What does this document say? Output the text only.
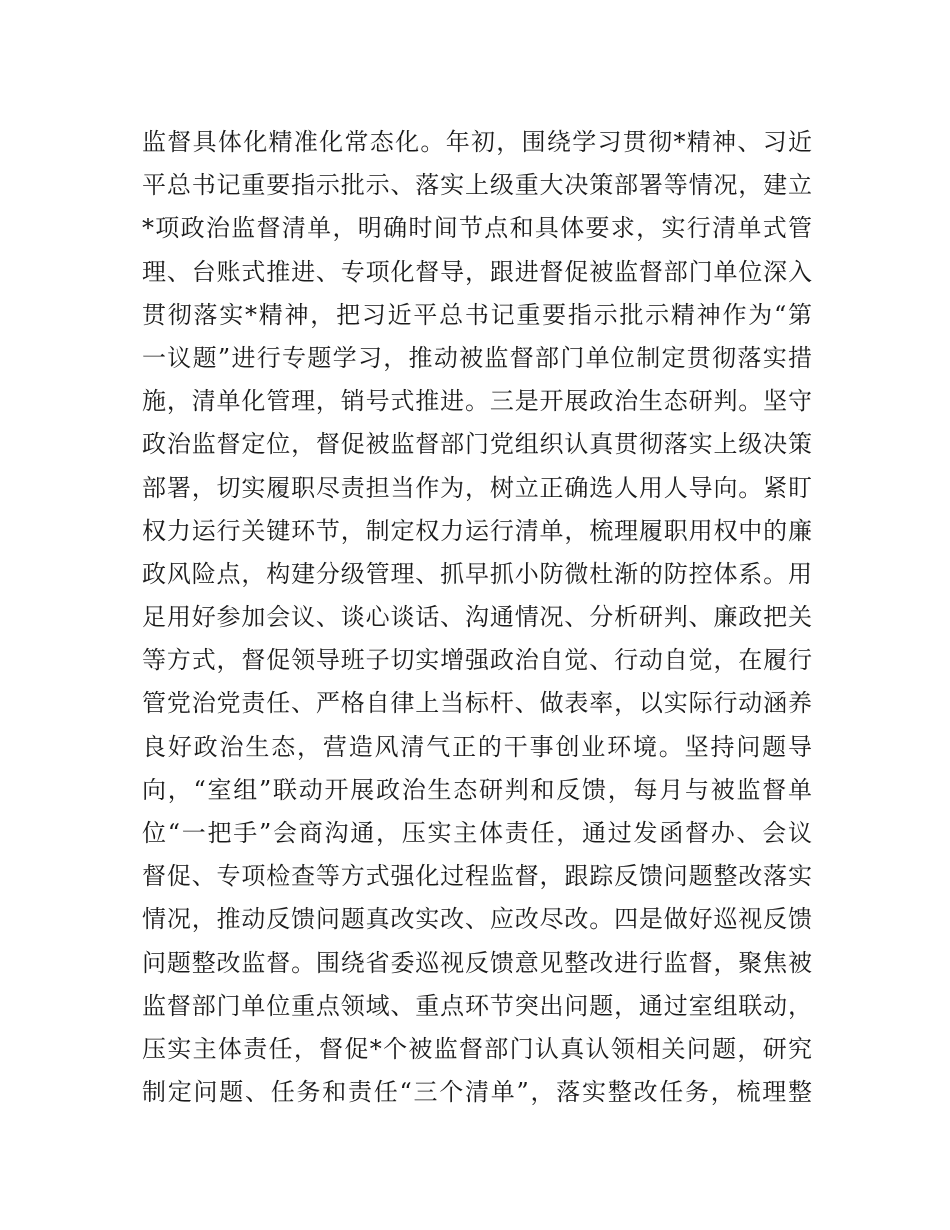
监督具体化精准化常态化。年初，围绕学习贯彻*精神、习近
平总书记重要指示批示、落实上级重大决策部署等情况，建立
*项政治监督清单，明确时间节点和具体要求，实行清单式管
理、台账式推进、专项化督导，跟进督促被监督部门单位深入
贯彻落实*精神，把习近平总书记重要指示批示精神作为“第
一议题”进行专题学习，推动被监督部门单位制定贯彻落实措
施，清单化管理，销号式推进。三是开展政治生态研判。坚守
政治监督定位，督促被监督部门党组织认真贯彻落实上级决策
部署，切实履职尽责担当作为，树立正确选人用人导向。紧盯
权力运行关键环节，制定权力运行清单，梳理履职用权中的廉
政风险点，构建分级管理、抓早抓小防微杜渐的防控体系。用
足用好参加会议、谈心谈话、沟通情况、分析研判、廉政把关
等方式，督促领导班子切实增强政治自觉、行动自觉，在履行
管党治党责任、严格自律上当标杆、做表率，以实际行动涵养
良好政治生态，营造风清气正的干事创业环境。坚持问题导
向，“室组”联动开展政治生态研判和反馈，每月与被监督单
位“一把手”会商沟通，压实主体责任，通过发函督办、会议
督促、专项检查等方式强化过程监督，跟踪反馈问题整改落实
情况，推动反馈问题真改实改、应改尽改。四是做好巡视反馈
问题整改监督。围绕省委巡视反馈意见整改进行监督，聚焦被
监督部门单位重点领域、重点环节突出问题，通过室组联动，
压实主体责任，督促*个被监督部门认真认领相关问题，研究
制定问题、任务和责任“三个清单”，落实整改任务，梳理整
